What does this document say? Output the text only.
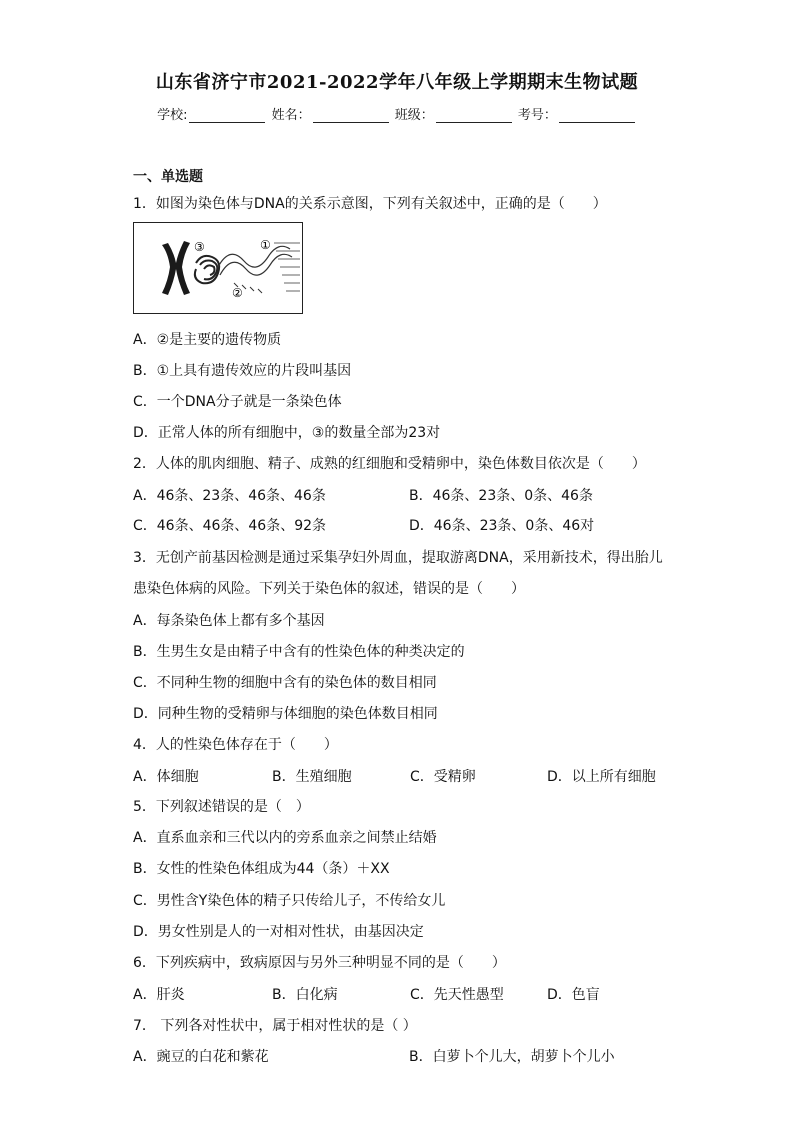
山东省济宁市2021-2022学年八年级上学期期末生物试题
学校:	姓名：	班级：	考号：
一、单选题
1．如图为染色体与DNA的关系示意图，下列有关叙述中，正确的是（　　）
③	①
②
A．②是主要的遗传物质
B．①上具有遗传效应的片段叫基因
C．一个DNA分子就是一条染色体
D．正常人体的所有细胞中，③的数量全部为23对
2．人体的肌肉细胞、精子、成熟的红细胞和受精卵中，染色体数目依次是（　　）
A．46条、23条、46条、46条	B．46条、23条、0条、46条
C．46条、46条、46条、92条	D．46条、23条、0条、46对
3．无创产前基因检测是通过采集孕妇外周血，提取游离DNA，采用新技术，得出胎儿
患染色体病的风险。下列关于染色体的叙述，错误的是（　　）
A．每条染色体上都有多个基因
B．生男生女是由精子中含有的性染色体的种类决定的
C．不同种生物的细胞中含有的染色体的数目相同
D．同种生物的受精卵与体细胞的染色体数目相同
4．人的性染色体存在于（　　）
A．体细胞	B．生殖细胞	C．受精卵	D．以上所有细胞
5．下列叙述错误的是（　）
A．直系血亲和三代以内的旁系血亲之间禁止结婚
B．女性的性染色体组成为44（条）＋XX
C．男性含Y染色体的精子只传给儿子，不传给女儿
D．男女性别是人的一对相对性状，由基因决定
6．下列疾病中，致病原因与另外三种明显不同的是（　　）
A．肝炎	B．白化病	C．先天性愚型	D．色盲
7． 下列各对性状中，属于相对性状的是（ ）
A．豌豆的白花和紫花	B．白萝卜个儿大，胡萝卜个儿小
